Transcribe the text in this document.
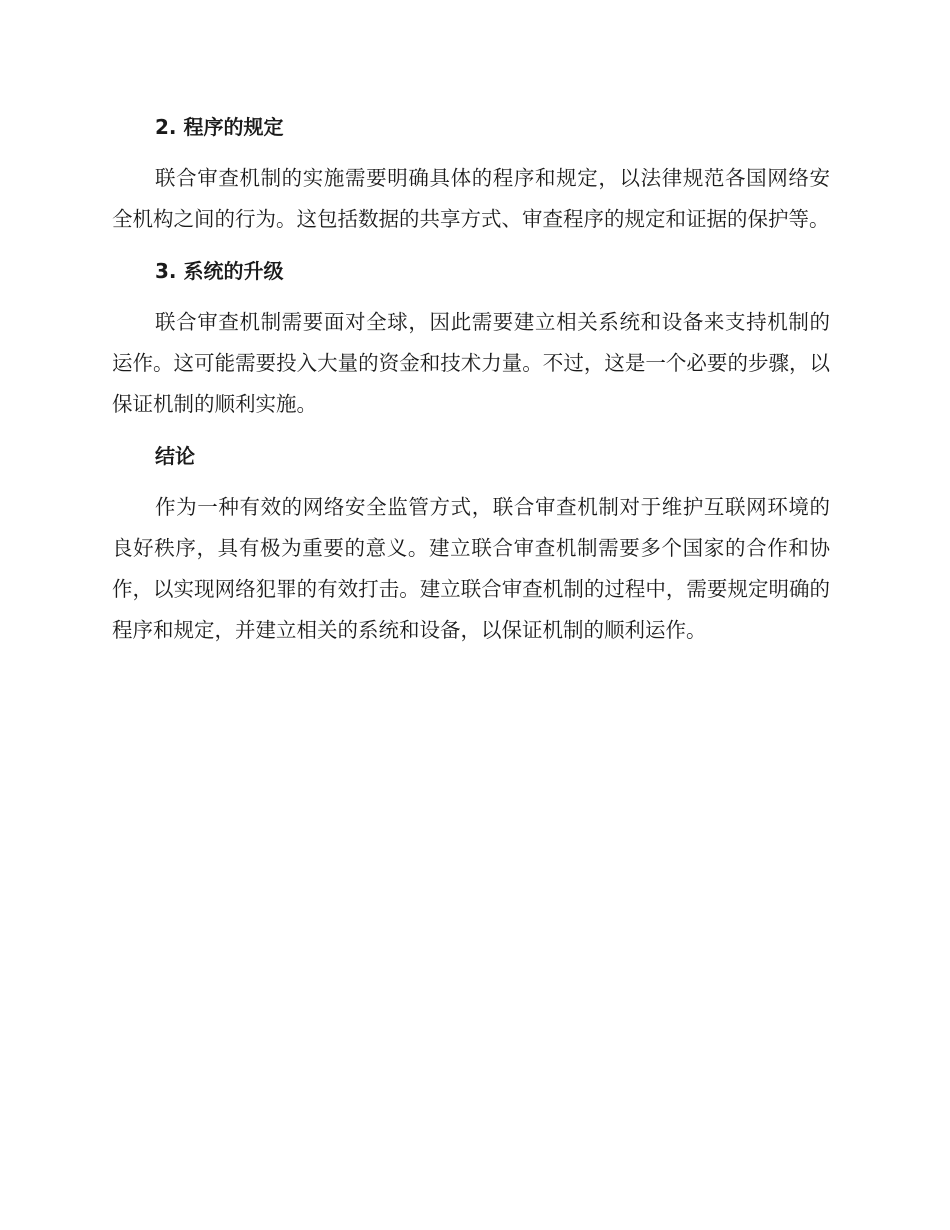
2. 程序的规定

联合审查机制的实施需要明确具体的程序和规定，以法律规范各国网络安全机构之间的行为。这包括数据的共享方式、审查程序的规定和证据的保护等。

3. 系统的升级

联合审查机制需要面对全球，因此需要建立相关系统和设备来支持机制的运作。这可能需要投入大量的资金和技术力量。不过，这是一个必要的步骤，以保证机制的顺利实施。

结论

作为一种有效的网络安全监管方式，联合审查机制对于维护互联网环境的良好秩序，具有极为重要的意义。建立联合审查机制需要多个国家的合作和协作，以实现网络犯罪的有效打击。建立联合审查机制的过程中，需要规定明确的程序和规定，并建立相关的系统和设备，以保证机制的顺利运作。
